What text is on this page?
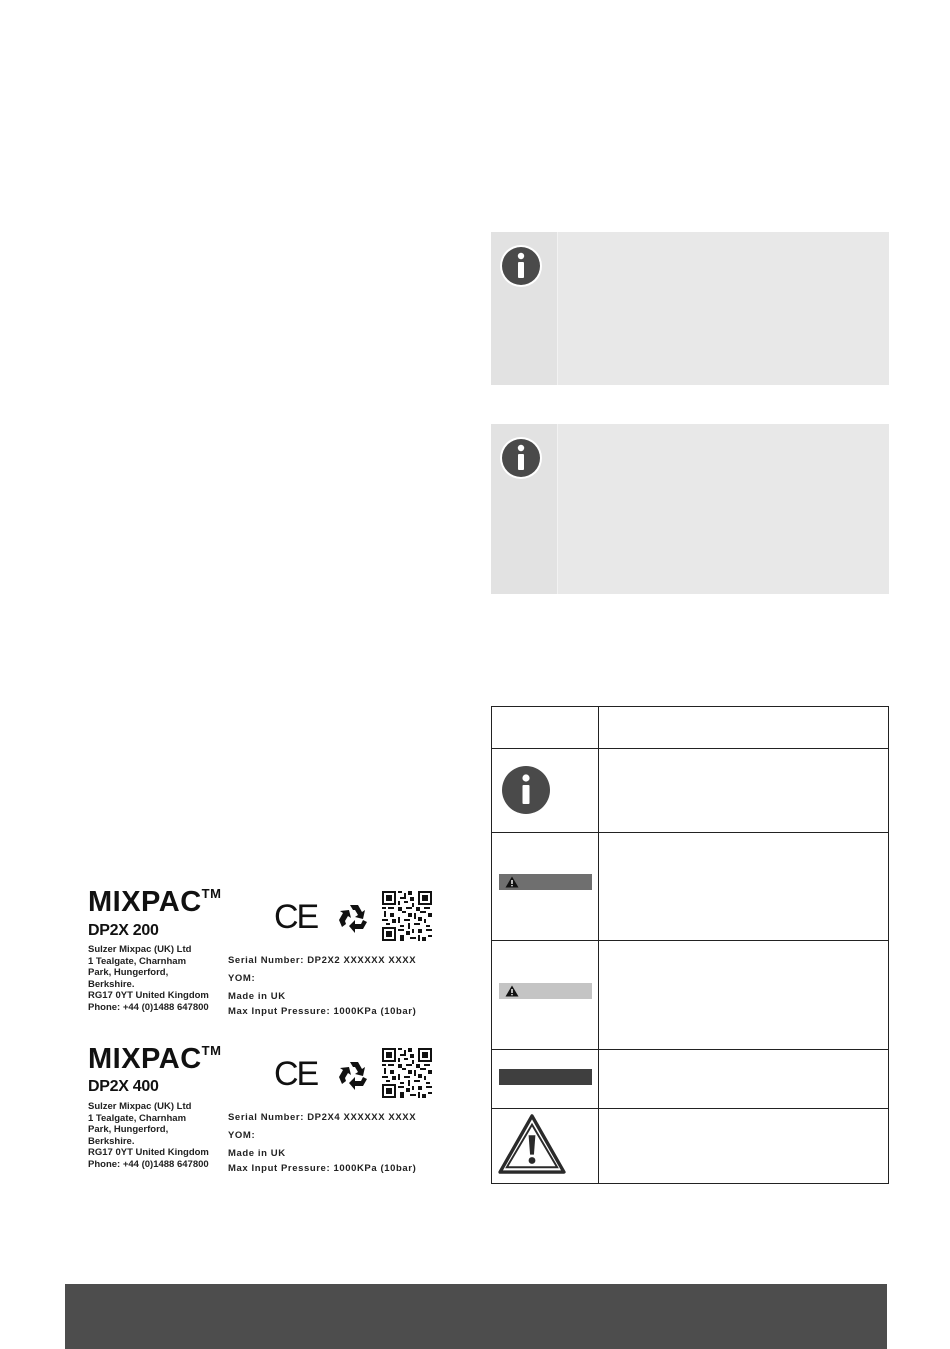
MIXPAC™
DP2X 200
Sulzer Mixpac (UK) Ltd
1 Tealgate, Charnham
Park, Hungerford,
Berkshire.
RG17 0YT United Kingdom
Phone: +44 (0)1488 647800
Serial Number: DP2X2 XXXXXX XXXX
YOM:
Made in UK
Max Input Pressure: 1000KPa (10bar)
CE
MIXPAC™
DP2X 400
Sulzer Mixpac (UK) Ltd
1 Tealgate, Charnham
Park, Hungerford,
Berkshire.
RG17 0YT United Kingdom
Phone: +44 (0)1488 647800
Serial Number: DP2X4 XXXXXX XXXX
YOM:
Made in UK
Max Input Pressure: 1000KPa (10bar)
CE
